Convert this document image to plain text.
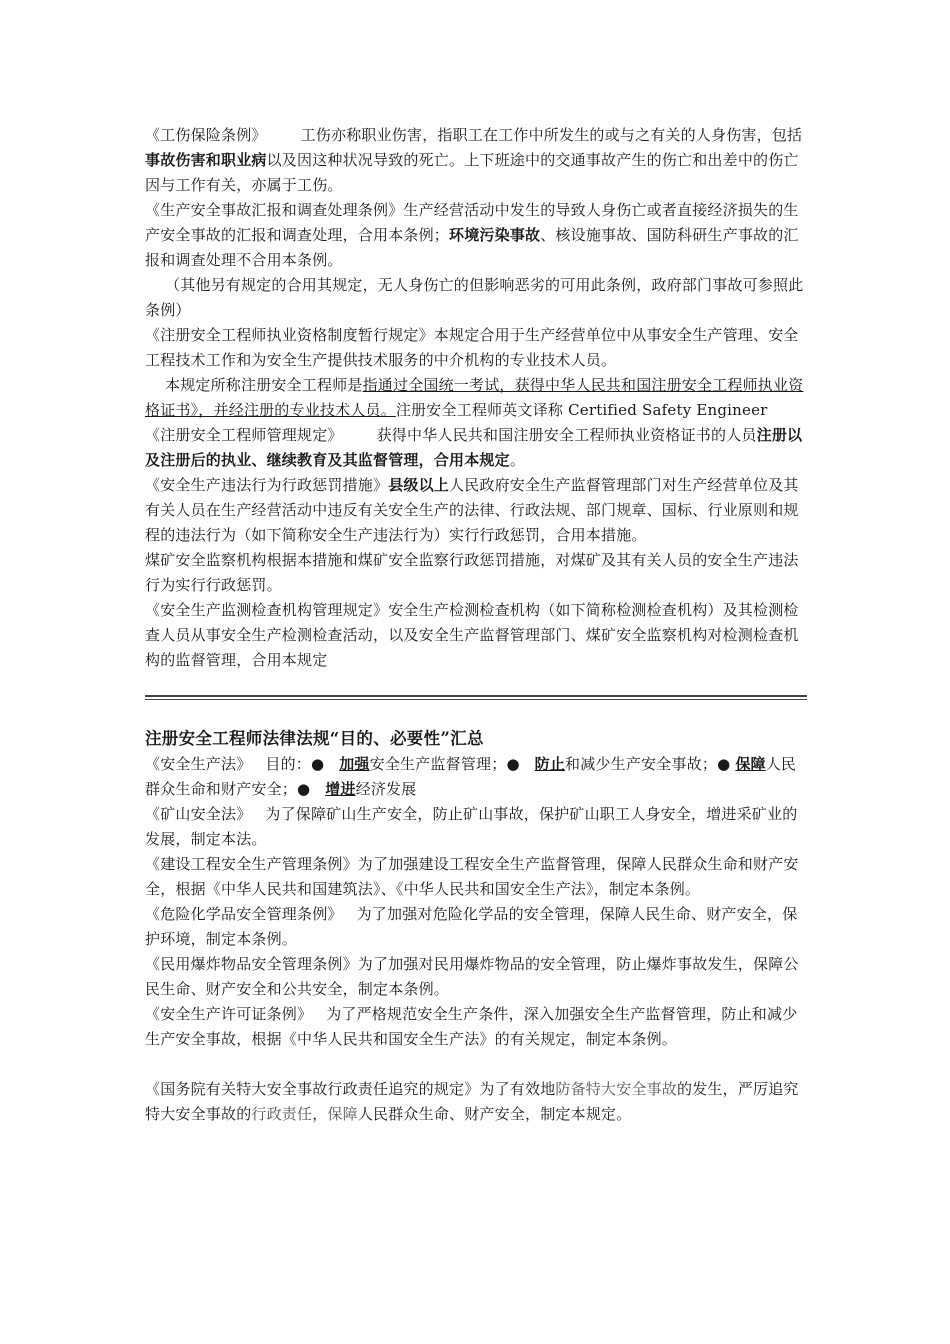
《工伤保险条例》 工伤亦称职业伤害，指职工在工作中所发生的或与之有关的人身伤害，包括事故伤害和职业病以及因这种状况导致的死亡。上下班途中的交通事故产生的伤亡和出差中的伤亡因与工作有关，亦属于工伤。

《生产安全事故汇报和调查处理条例》生产经营活动中发生的导致人身伤亡或者直接经济损失的生产安全事故的汇报和调查处理，合用本条例；环境污染事故、核设施事故、国防科研生产事故的汇报和调查处理不合用本条例。

（其他另有规定的合用其规定，无人身伤亡的但影响恶劣的可用此条例，政府部门事故可参照此条例）

《注册安全工程师执业资格制度暂行规定》本规定合用于生产经营单位中从事安全生产管理、安全工程技术工作和为安全生产提供技术服务的中介机构的专业技术人员。

本规定所称注册安全工程师是指通过全国统一考试，获得中华人民共和国注册安全工程师执业资格证书》，并经注册的专业技术人员。注册安全工程师英文译称 Certified Safety Engineer

《注册安全工程师管理规定》 获得中华人民共和国注册安全工程师执业资格证书的人员注册以及注册后的执业、继续教育及其监督管理，合用本规定。

《安全生产违法行为行政惩罚措施》县级以上人民政府安全生产监督管理部门对生产经营单位及其有关人员在生产经营活动中违反有关安全生产的法律、行政法规、部门规章、国标、行业原则和规程的违法行为（如下简称安全生产违法行为）实行行政惩罚，合用本措施。

煤矿安全监察机构根据本措施和煤矿安全监察行政惩罚措施，对煤矿及其有关人员的安全生产违法行为实行行政惩罚。

《安全生产监测检查机构管理规定》安全生产检测检查机构（如下简称检测检查机构）及其检测检查人员从事安全生产检测检查活动，以及安全生产监督管理部门、煤矿安全监察机构对检测检查机构的监督管理，合用本规定

注册安全工程师法律法规“目的、必要性”汇总

《安全生产法》 目的：● 加强安全生产监督管理；● 防止和减少生产安全事故；● 保障人民群众生命和财产安全；● 增进经济发展

《矿山安全法》 为了保障矿山生产安全，防止矿山事故，保护矿山职工人身安全，增进采矿业的发展，制定本法。

《建设工程安全生产管理条例》为了加强建设工程安全生产监督管理，保障人民群众生命和财产安全，根据《中华人民共和国建筑法》、《中华人民共和国安全生产法》，制定本条例。

《危险化学品安全管理条例》 为了加强对危险化学品的安全管理，保障人民生命、财产安全，保护环境，制定本条例。

《民用爆炸物品安全管理条例》为了加强对民用爆炸物品的安全管理，防止爆炸事故发生，保障公民生命、财产安全和公共安全，制定本条例。

《安全生产许可证条例》 为了严格规范安全生产条件，深入加强安全生产监督管理，防止和减少生产安全事故，根据《中华人民共和国安全生产法》的有关规定，制定本条例。

《国务院有关特大安全事故行政责任追究的规定》为了有效地防备特大安全事故的发生，严厉追究特大安全事故的行政责任，保障人民群众生命、财产安全，制定本规定。
